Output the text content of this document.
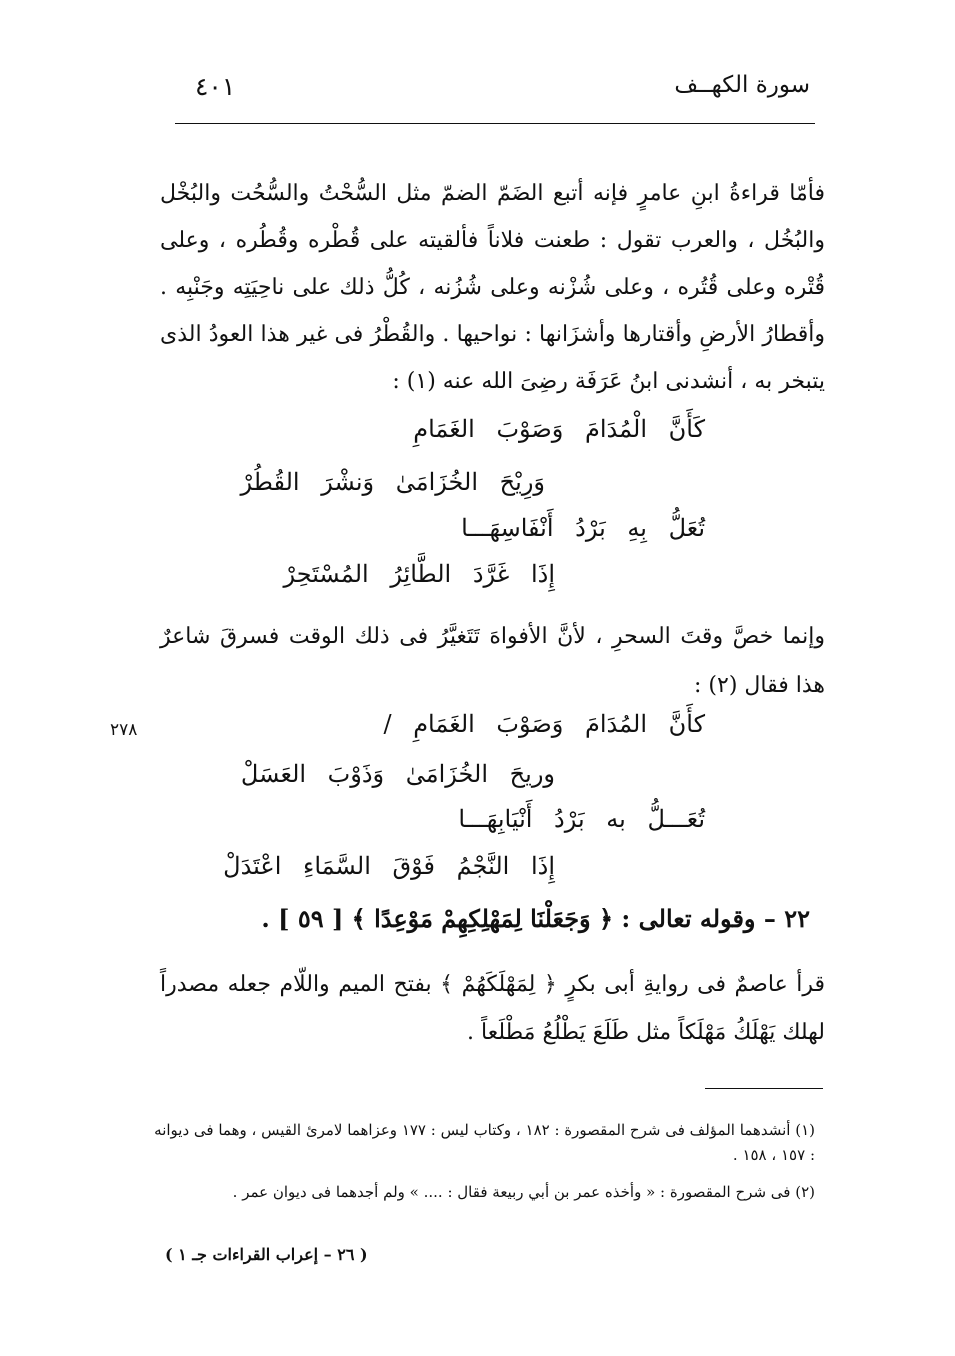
سورة الكهــف
٤٠١
٢٧٨

فأمّا قراءةُ ابنِ عامرٍ فإنه أتبع الضَمّ الضمّ مثل السُّحْتُ والسُّحُت والبُخْل والبُخُل ، والعرب تقول : طعنت فلاناً فألقيته على قُطْره وقُطُره ، وعلى قُتْره وعلى قُتُره ، وعلى شُزْنه وعلى شُزُنه ، كُلُّ ذلك على ناحِيَتِه وجَنْبِه . وأقطارُ الأرضِ وأقتارها وأشزَانها : نواحيها . والقُطْرُ فى غير هذا العودُ الذى يتبخر به ، أنشدنى ابنُ عَرَفَة رضِىَ الله عنه (١) :

كَأَنَّ الْمُدَامَ وَصَوْبَ الغَمَامِ
وَرِيْحَ الخُزَامَىٰ وَنشْرَ القُطُرْ
تُعَلُّ بِهِ بَرْدُ أَنْفَاسِهَـــا
إِذَا غَرَّدَ الطَّائِرُ المُسْتَحِرْ

وإنما خصَّ وقتَ السحرِ ، لأنَّ الأفواهَ تَتَغيَّرُ فى ذلك الوقت فسرقَ شاعرٌ هذا فقال (٢) :

كأَنَّ المُدَامَ وَصَوْبَ الغَمَامِ /
وريحَ الخُزَامَىٰ وَذَوْبَ العَسَلْ
تُعَـــلُّ به بَرْدُ أَنْيَابِهَـــا
إِذَا النَّجْمُ فَوْقَ السَّمَاءِ اعْتَدَلْ
٢٢ – وقوله تعالى : ﴿ وَجَعَلْنَا لِمَهْلِكِهِمْ مَوْعِدًا ﴾ [ ٥٩ ] .

قرأ عاصمٌ فى روايةِ أبى بكرٍ ﴿ لِمَهْلَكَهُمْ ﴾ بفتح الميم واللّام جعله مصدراً لهلك يَهْلَكُ مَهْلَكاً مثل طَلَعَ يَطْلُعُ مَطْلَعاً .

(١) أنشدهما المؤلف فى شرح المقصورة : ١٨٢ ، وكتاب ليس : ١٧٧ وعزاهما لامرئ القيس ، وهما فى ديوانه : ١٥٧ ، ١٥٨ .

(٢) فى شرح المقصورة : « وأخذه عمر بن أبي ربيعة فقال : .... » ولم أجدهما فى ديوان عمر .

( ٢٦ – إعراب القراءات جـ ١ )
